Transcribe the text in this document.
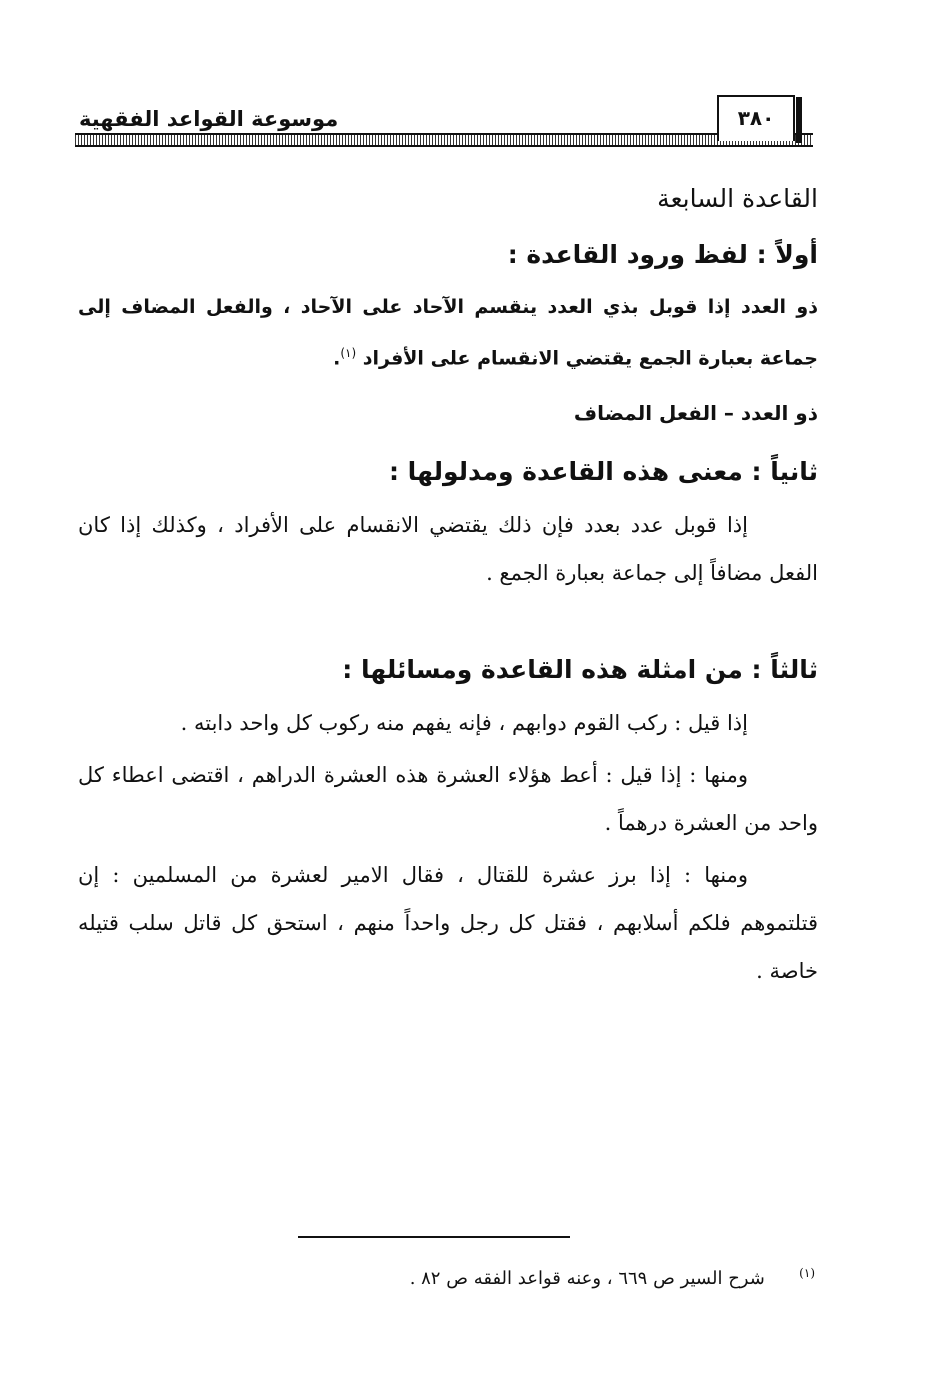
٣٨٠
موسوعة القواعد الفقهية
القاعدة السابعة
أولاً : لفظ ورود القاعدة :

ذو العدد إذا قوبل بذي العدد ينقسم الآحاد على الآحاد ، والفعل المضاف إلى جماعة بعبارة الجمع يقتضي الانقسام على الأفراد $^{(١)}$.

ذو العدد – الفعل المضاف

ثانياً : معنى هذه القاعدة ومدلولها :

إذا قوبل عدد بعدد فإن ذلك يقتضي الانقسام على الأفراد ، وكذلك إذا كان الفعل مضافاً إلى جماعة بعبارة الجمع .

ثالثاً : من امثلة هذه القاعدة ومسائلها :

إذا قيل : ركب القوم دوابهم ، فإنه يفهم منه ركوب كل واحد دابته .

ومنها : إذا قيل : أعط هؤلاء العشرة هذه العشرة الدراهم ، اقتضى اعطاء كل واحد من العشرة درهماً .

ومنها : إذا برز عشرة للقتال ، فقال الامير لعشرة من المسلمين : إن قتلتموهم فلكم أسلابهم ، فقتل كل رجل واحداً منهم ، استحق كل قاتل سلب قتيله خاصة .

$^{(١)}$      شرح السير ص ٦٦٩ ، وعنه قواعد الفقه ص ٨٢ .
